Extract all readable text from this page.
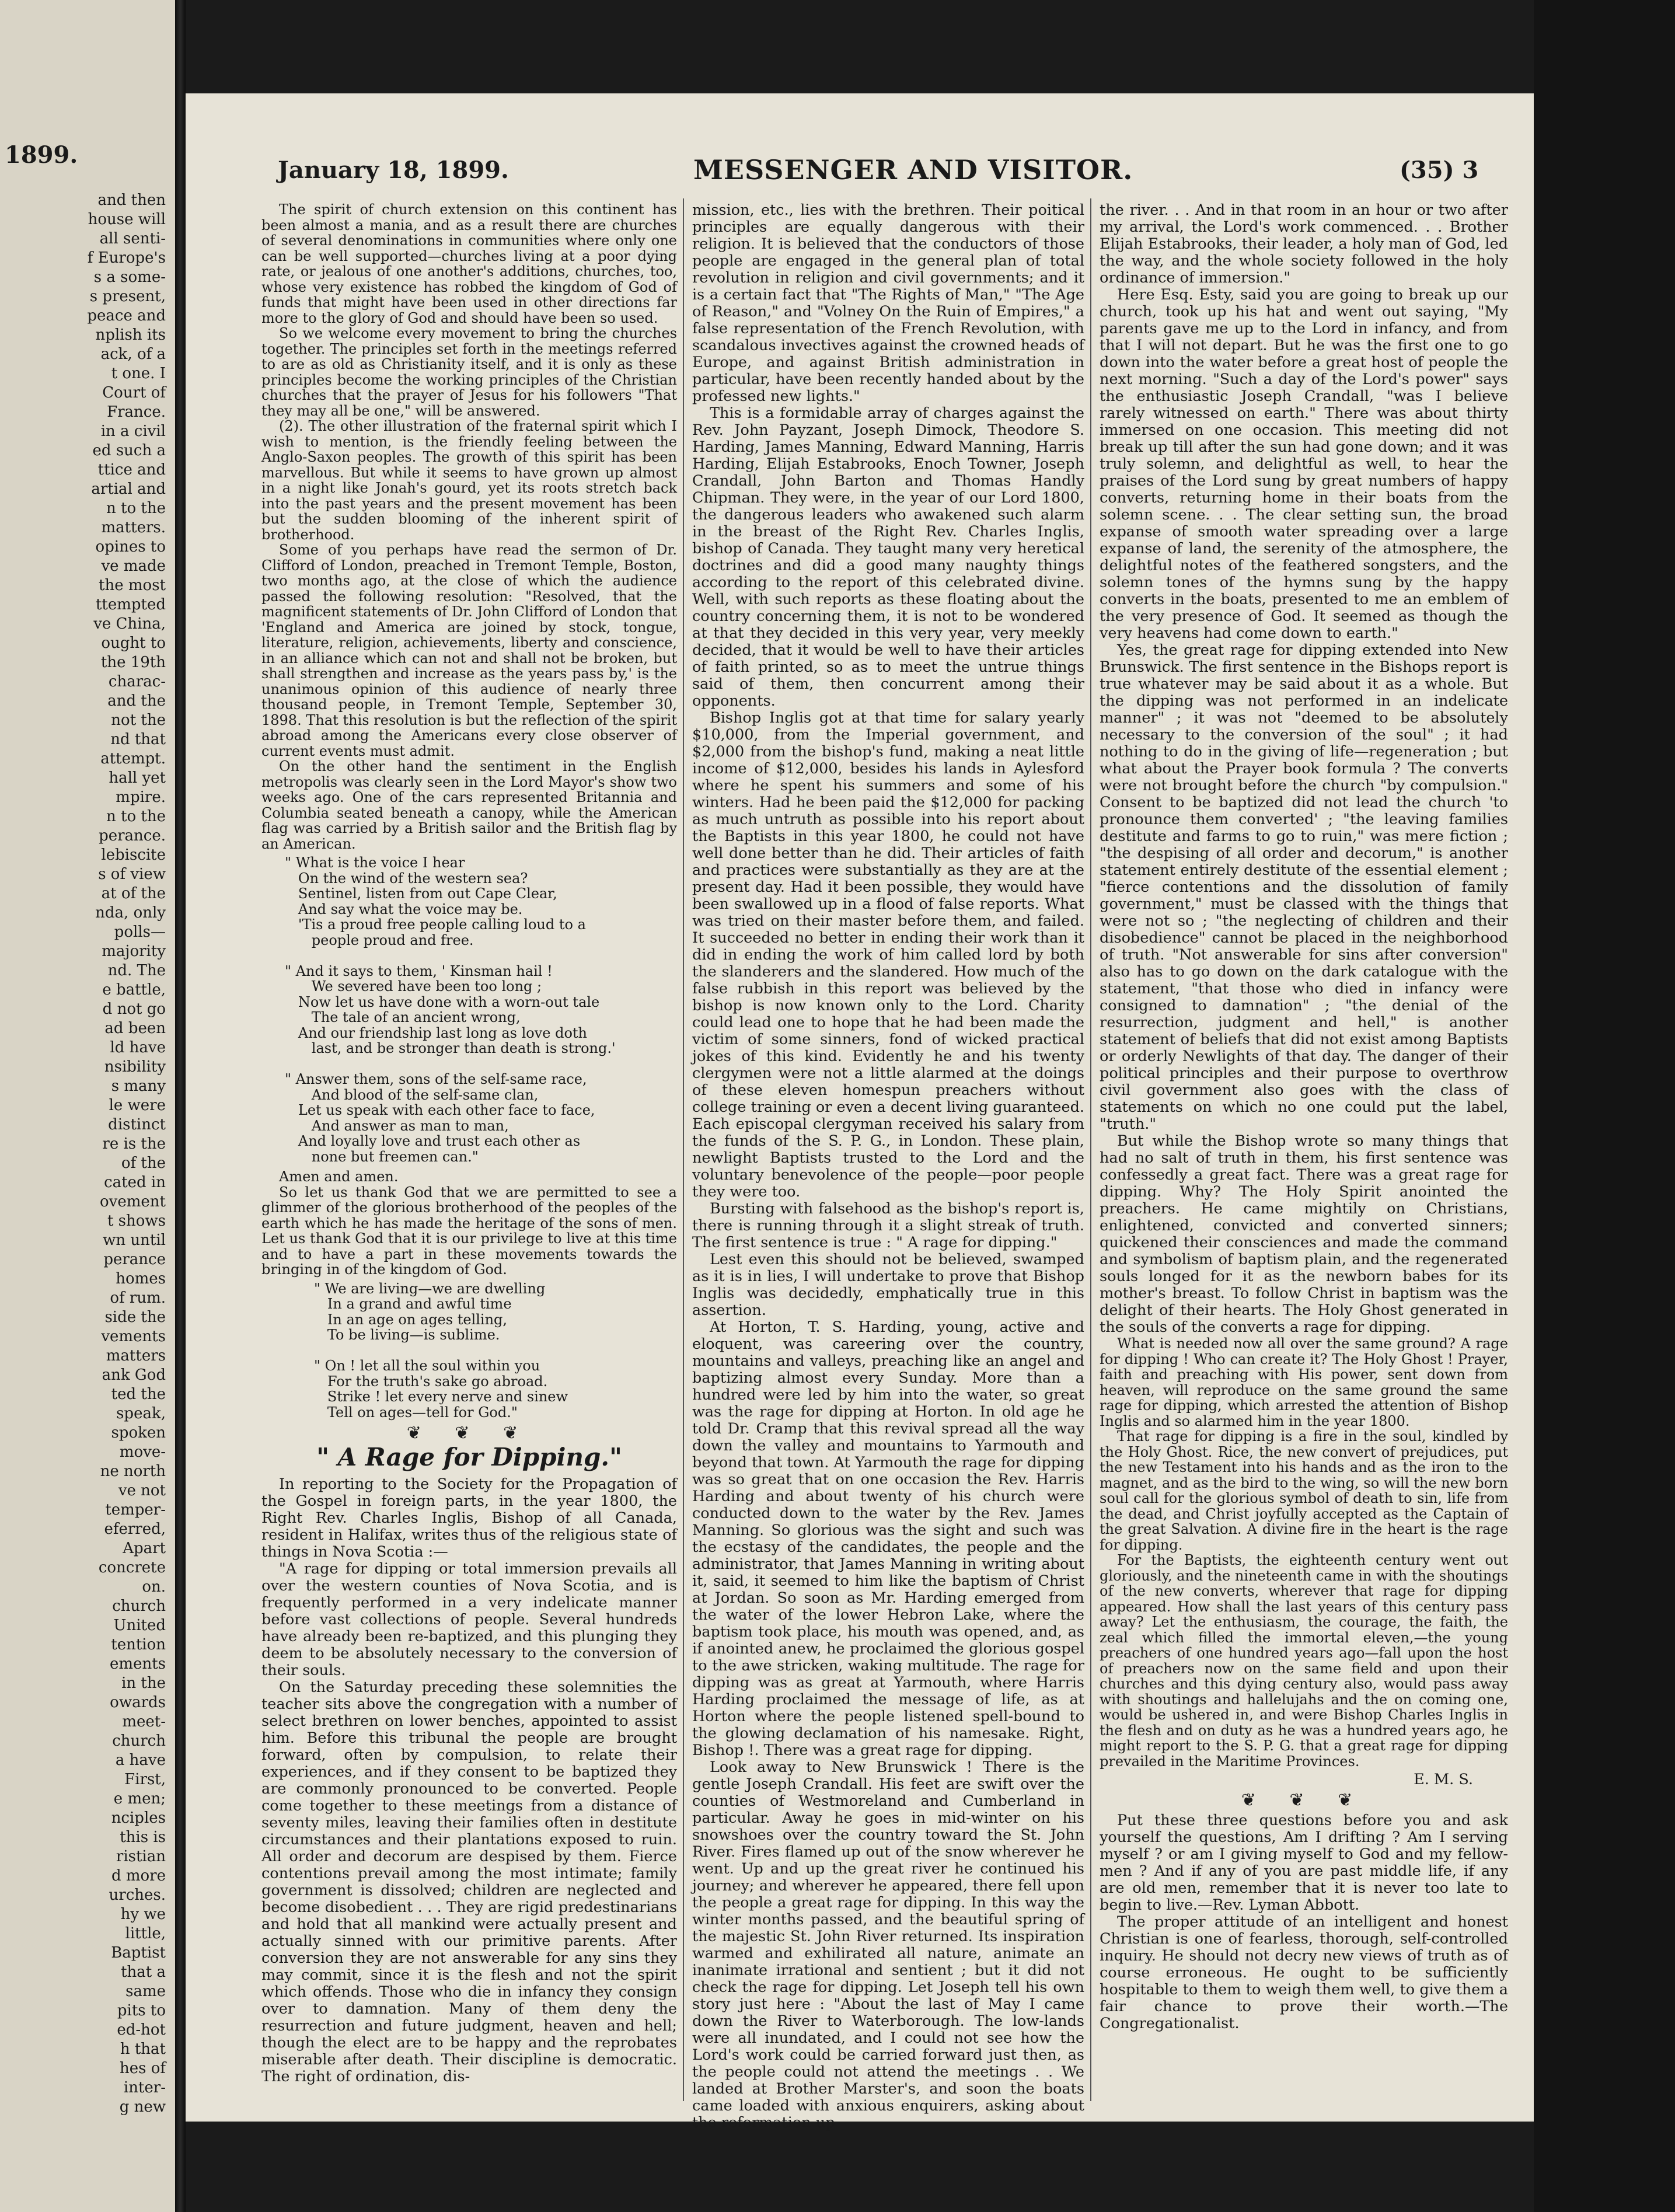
1899.
and then
house will
all senti-
f Europe's
s a some-
s present,
peace and
nplish its
ack, of a
t one. I
Court of
France.
in a civil
ed such a
ttice and
artial and
n to the
matters.
opines to
ve made
the most
ttempted
ve China,
ought to
the 19th
charac-
and the
not the
nd that
attempt.
hall yet
mpire.
n to the
perance.
lebiscite
s of view
at of the
nda, only
polls—
majority
nd. The
e battle,
d not go
ad been
ld have
nsibility
s many
le were
distinct
re is the
of the
cated in
ovement
t shows
wn until
perance
homes
of rum.
side the
vements
matters
ank God
ted the
speak,
spoken
move-
ne north
ve not
temper-
eferred,
Apart
concrete
on.
church
United
tention
ements
in the
owards
meet-
church
a have
First,
e men;
nciples
this is
ristian
d more
urches.
hy we
little,
Baptist
that a
same
pits to
ed-hot
h that
hes of
inter-
g new
January 18, 1899.	MESSENGER AND VISITOR.	(35) 3

The spirit of church extension on this continent has been almost a mania, and as a result there are churches of several denominations in communities where only one can be well supported—churches living at a poor dying rate, or jealous of one another's additions, churches, too, whose very existence has robbed the kingdom of God of funds that might have been used in other directions far more to the glory of God and should have been so used.

So we welcome every movement to bring the churches together. The principles set forth in the meetings referred to are as old as Christianity itself, and it is only as these principles become the working principles of the Christian churches that the prayer of Jesus for his followers "That they may all be one," will be answered.

(2). The other illustration of the fraternal spirit which I wish to mention, is the friendly feeling between the Anglo-Saxon peoples. The growth of this spirit has been marvellous. But while it seems to have grown up almost in a night like Jonah's gourd, yet its roots stretch back into the past years and the present movement has been but the sudden blooming of the inherent spirit of brotherhood.

Some of you perhaps have read the sermon of Dr. Clifford of London, preached in Tremont Temple, Boston, two months ago, at the close of which the audience passed the following resolution: "Resolved, that the magnificent statements of Dr. John Clifford of London that 'England and America are joined by stock, tongue, literature, religion, achievements, liberty and conscience, in an alliance which can not and shall not be broken, but shall strengthen and increase as the years pass by,' is the unanimous opinion of this audience of nearly three thousand people, in Tremont Temple, September 30, 1898. That this resolution is but the reflection of the spirit abroad among the Americans every close observer of current events must admit.

On the other hand the sentiment in the English metropolis was clearly seen in the Lord Mayor's show two weeks ago. One of the cars represented Britannia and Columbia seated beneath a canopy, while the American flag was carried by a British sailor and the British flag by an American.

" What is the voice I hear
On the wind of the western sea?
Sentinel, listen from out Cape Clear,
And say what the voice may be.
'Tis a proud free people calling loud to a
people proud and free.

" And it says to them, ' Kinsman hail !
We severed have been too long ;
Now let us have done with a worn-out tale
The tale of an ancient wrong,
And our friendship last long as love doth
last, and be stronger than death is strong.'

" Answer them, sons of the self-same race,
And blood of the self-same clan,
Let us speak with each other face to face,
And answer as man to man,
And loyally love and trust each other as
none but freemen can."

Amen and amen.

So let us thank God that we are permitted to see a glimmer of the glorious brotherhood of the peoples of the earth which he has made the heritage of the sons of men. Let us thank God that it is our privilege to live at this time and to have a part in these movements towards the bringing in of the kingdom of God.

" We are living—we are dwelling
In a grand and awful time
In an age on ages telling,
To be living—is sublime.

" On ! let all the soul within you
For the truth's sake go abroad.
Strike ! let every nerve and sinew
Tell on ages—tell for God."

❦ ❦ ❦

" A Rage for Dipping."

In reporting to the Society for the Propagation of the Gospel in foreign parts, in the year 1800, the Right Rev. Charles Inglis, Bishop of all Canada, resident in Halifax, writes thus of the religious state of things in Nova Scotia :—

"A rage for dipping or total immersion prevails all over the western counties of Nova Scotia, and is frequently performed in a very indelicate manner before vast collections of people. Several hundreds have already been re-baptized, and this plunging they deem to be absolutely necessary to the conversion of their souls.

On the Saturday preceding these solemnities the teacher sits above the congregation with a number of select brethren on lower benches, appointed to assist him. Before this tribunal the people are brought forward, often by compulsion, to relate their experiences, and if they consent to be baptized they are commonly pronounced to be converted. People come together to these meetings from a distance of seventy miles, leaving their families often in destitute circumstances and their plantations exposed to ruin. All order and decorum are despised by them. Fierce contentions prevail among the most intimate; family government is dissolved; children are neglected and become disobedient . . . They are rigid predestinarians and hold that all mankind were actually present and actually sinned with our primitive parents. After conversion they are not answerable for any sins they may commit, since it is the flesh and not the spirit which offends. Those who die in infancy they consign over to damnation. Many of them deny the resurrection and future judgment, heaven and hell; though the elect are to be happy and the reprobates miserable after death. Their discipline is democratic. The right of ordination, dis-

mission, etc., lies with the brethren. Their poitical principles are equally dangerous with their religion. It is believed that the conductors of those people are engaged in the general plan of total revolution in religion and civil governments; and it is a certain fact that "The Rights of Man," "The Age of Reason," and "Volney On the Ruin of Empires," a false representation of the French Revolution, with scandalous invectives against the crowned heads of Europe, and against British administration in particular, have been recently handed about by the professed new lights."

This is a formidable array of charges against the Rev. John Payzant, Joseph Dimock, Theodore S. Harding, James Manning, Edward Manning, Harris Harding, Elijah Estabrooks, Enoch Towner, Joseph Crandall, John Barton and Thomas Handly Chipman. They were, in the year of our Lord 1800, the dangerous leaders who awakened such alarm in the breast of the Right Rev. Charles Inglis, bishop of Canada. They taught many very heretical doctrines and did a good many naughty things according to the report of this celebrated divine. Well, with such reports as these floating about the country concerning them, it is not to be wondered at that they decided in this very year, very meekly decided, that it would be well to have their articles of faith printed, so as to meet the untrue things said of them, then concurrent among their opponents.

Bishop Inglis got at that time for salary yearly $10,000, from the Imperial government, and $2,000 from the bishop's fund, making a neat little income of $12,000, besides his lands in Aylesford where he spent his summers and some of his winters. Had he been paid the $12,000 for packing as much untruth as possible into his report about the Baptists in this year 1800, he could not have well done better than he did. Their articles of faith and practices were substantially as they are at the present day. Had it been possible, they would have been swallowed up in a flood of false reports. What was tried on their master before them, and failed. It succeeded no better in ending their work than it did in ending the work of him called lord by both the slanderers and the slandered. How much of the false rubbish in this report was believed by the bishop is now known only to the Lord. Charity could lead one to hope that he had been made the victim of some sinners, fond of wicked practical jokes of this kind. Evidently he and his twenty clergymen were not a little alarmed at the doings of these eleven homespun preachers without college training or even a decent living guaranteed. Each episcopal clergyman received his salary from the funds of the S. P. G., in London. These plain, newlight Baptists trusted to the Lord and the voluntary benevolence of the people—poor people they were too.

Bursting with falsehood as the bishop's report is, there is running through it a slight streak of truth. The first sentence is true : " A rage for dipping."

Lest even this should not be believed, swamped as it is in lies, I will undertake to prove that Bishop Inglis was decidedly, emphatically true in this assertion.

At Horton, T. S. Harding, young, active and eloquent, was careering over the country, mountains and valleys, preaching like an angel and baptizing almost every Sunday. More than a hundred were led by him into the water, so great was the rage for dipping at Horton. In old age he told Dr. Cramp that this revival spread all the way down the valley and mountains to Yarmouth and beyond that town. At Yarmouth the rage for dipping was so great that on one occasion the Rev. Harris Harding and about twenty of his church were conducted down to the water by the Rev. James Manning. So glorious was the sight and such was the ecstasy of the candidates, the people and the administrator, that James Manning in writing about it, said, it seemed to him like the baptism of Christ at Jordan. So soon as Mr. Harding emerged from the water of the lower Hebron Lake, where the baptism took place, his mouth was opened, and, as if anointed anew, he proclaimed the glorious gospel to the awe stricken, waking multitude. The rage for dipping was as great at Yarmouth, where Harris Harding proclaimed the message of life, as at Horton where the people listened spell-bound to the glowing declamation of his namesake. Right, Bishop !. There was a great rage for dipping.

Look away to New Brunswick ! There is the gentle Joseph Crandall. His feet are swift over the counties of Westmoreland and Cumberland in particular. Away he goes in mid-winter on his snowshoes over the country toward the St. John River. Fires flamed up out of the snow wherever he went. Up and up the great river he continued his journey; and wherever he appeared, there fell upon the people a great rage for dipping. In this way the winter months passed, and the beautiful spring of the majestic St. John River returned. Its inspiration warmed and exhilirated all nature, animate an inanimate irrational and sentient ; but it did not check the rage for dipping. Let Joseph tell his own story just here : "About the last of May I came down the River to Waterborough. The low-lands were all inundated, and I could not see how the Lord's work could be carried forward just then, as the people could not attend the meetings . . We landed at Brother Marster's, and soon the boats came loaded with anxious enquirers, asking about the reformation up

the river. . . And in that room in an hour or two after my arrival, the Lord's work commenced. . . Brother Elijah Estabrooks, their leader, a holy man of God, led the way, and the whole society followed in the holy ordinance of immersion."

Here Esq. Esty, said you are going to break up our church, took up his hat and went out saying, "My parents gave me up to the Lord in infancy, and from that I will not depart. But he was the first one to go down into the water before a great host of people the next morning. "Such a day of the Lord's power" says the enthusiastic Joseph Crandall, "was I believe rarely witnessed on earth." There was about thirty immersed on one occasion. This meeting did not break up till after the sun had gone down; and it was truly solemn, and delightful as well, to hear the praises of the Lord sung by great numbers of happy converts, returning home in their boats from the solemn scene. . . The clear setting sun, the broad expanse of smooth water spreading over a large expanse of land, the serenity of the atmosphere, the delightful notes of the feathered songsters, and the solemn tones of the hymns sung by the happy converts in the boats, presented to me an emblem of the very presence of God. It seemed as though the very heavens had come down to earth."

Yes, the great rage for dipping extended into New Brunswick. The first sentence in the Bishops report is true whatever may be said about it as a whole. But the dipping was not performed in an indelicate manner" ; it was not "deemed to be absolutely necessary to the conversion of the soul" ; it had nothing to do in the giving of life—regeneration ; but what about the Prayer book formula ? The converts were not brought before the church "by compulsion." Consent to be baptized did not lead the church 'to pronounce them converted' ; "the leaving families destitute and farms to go to ruin," was mere fiction ; "the despising of all order and decorum," is another statement entirely destitute of the essential element ; "fierce contentions and the dissolution of family government," must be classed with the things that were not so ; "the neglecting of children and their disobedience" cannot be placed in the neighborhood of truth. "Not answerable for sins after conversion" also has to go down on the dark catalogue with the statement, "that those who died in infancy were consigned to damnation" ; "the denial of the resurrection, judgment and hell," is another statement of beliefs that did not exist among Baptists or orderly Newlights of that day. The danger of their political principles and their purpose to overthrow civil government also goes with the class of statements on which no one could put the label, "truth."

But while the Bishop wrote so many things that had no salt of truth in them, his first sentence was confessedly a great fact. There was a great rage for dipping. Why? The Holy Spirit anointed the preachers. He came mightily on Christians, enlightened, convicted and converted sinners; quickened their consciences and made the command and symbolism of baptism plain, and the regenerated souls longed for it as the newborn babes for its mother's breast. To follow Christ in baptism was the delight of their hearts. The Holy Ghost generated in the souls of the converts a rage for dipping.

What is needed now all over the same ground? A rage for dipping ! Who can create it? The Holy Ghost ! Prayer, faith and preaching with His power, sent down from heaven, will reproduce on the same ground the same rage for dipping, which arrested the attention of Bishop Inglis and so alarmed him in the year 1800.

That rage for dipping is a fire in the soul, kindled by the Holy Ghost. Rice, the new convert of prejudices, put the new Testament into his hands and as the iron to the magnet, and as the bird to the wing, so will the new born soul call for the glorious symbol of death to sin, life from the dead, and Christ joyfully accepted as the Captain of the great Salvation. A divine fire in the heart is the rage for dipping.

For the Baptists, the eighteenth century went out gloriously, and the nineteenth came in with the shoutings of the new converts, wherever that rage for dipping appeared. How shall the last years of this century pass away? Let the enthusiasm, the courage, the faith, the zeal which filled the immortal eleven,—the young preachers of one hundred years ago—fall upon the host of preachers now on the same field and upon their churches and this dying century also, would pass away with shoutings and hallelujahs and the on coming one, would be ushered in, and were Bishop Charles Inglis in the flesh and on duty as he was a hundred years ago, he might report to the S. P. G. that a great rage for dipping prevailed in the Maritime Provinces.

E. M. S.

❦ ❦ ❦

Put these three questions before you and ask yourself the questions, Am I drifting ? Am I serving myself ? or am I giving myself to God and my fellow-men ? And if any of you are past middle life, if any are old men, remember that it is never too late to begin to live.—Rev. Lyman Abbott.

The proper attitude of an intelligent and honest Christian is one of fearless, thorough, self-controlled inquiry. He should not decry new views of truth as of course erroneous. He ought to be sufficiently hospitable to them to weigh them well, to give them a fair chance to prove their worth.—The Congregationalist.
